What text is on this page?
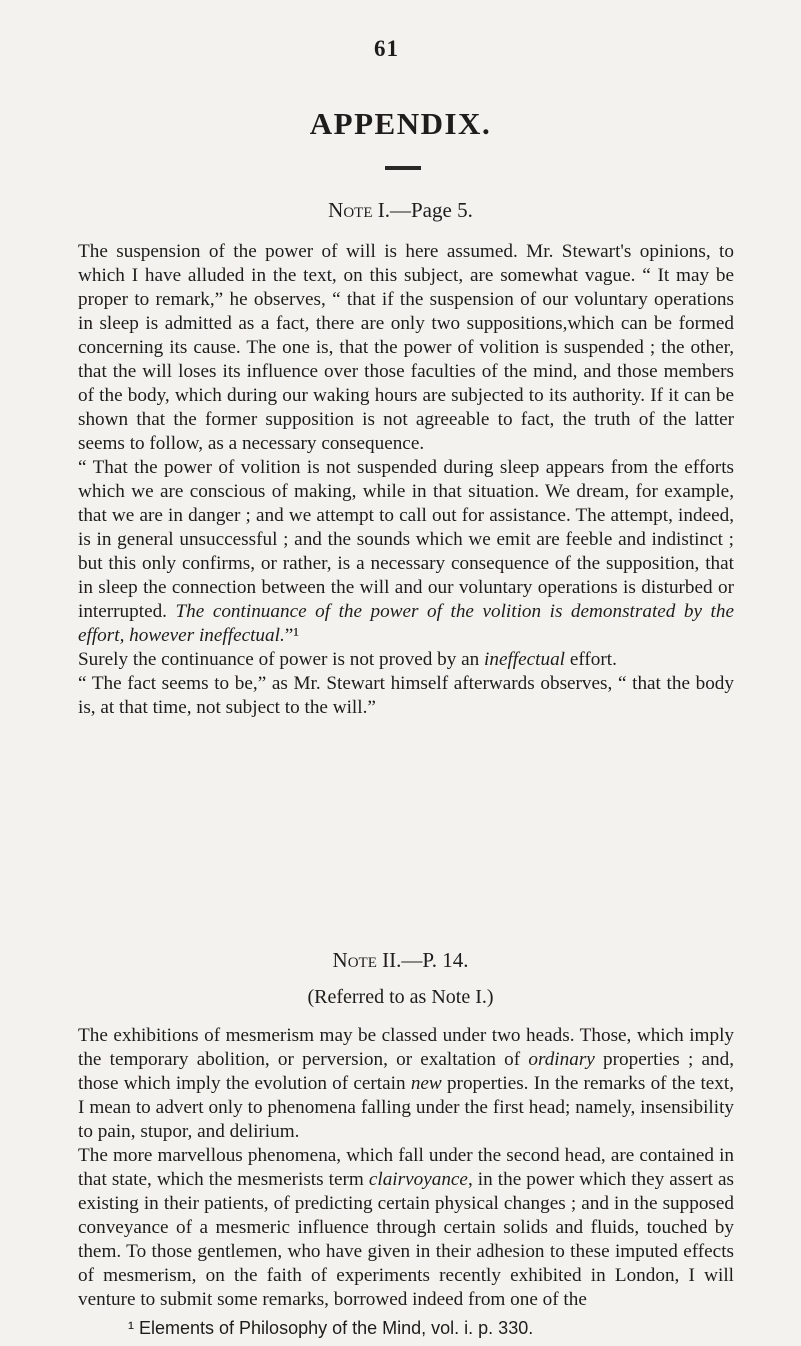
61
APPENDIX.
Note I.—Page 5.

The suspension of the power of will is here assumed. Mr. Stewart's opinions, to which I have alluded in the text, on this subject, are somewhat vague. “ It may be proper to remark,” he observes, “ that if the suspension of our voluntary operations in sleep is admitted as a fact, there are only two suppositions,which can be formed concerning its cause. The one is, that the power of volition is suspended ; the other, that the will loses its influence over those faculties of the mind, and those members of the body, which during our waking hours are subjected to its authority. If it can be shown that the former supposition is not agreeable to fact, the truth of the latter seems to follow, as a necessary consequence.

“ That the power of volition is not suspended during sleep appears from the efforts which we are conscious of making, while in that situation. We dream, for example, that we are in danger ; and we attempt to call out for assistance. The attempt, indeed, is in general unsuccessful ; and the sounds which we emit are feeble and indistinct ; but this only confirms, or rather, is a necessary consequence of the supposition, that in sleep the connection between the will and our voluntary operations is disturbed or interrupted. The continuance of the power of the volition is demonstrated by the effort, however ineffectual.”¹

Surely the continuance of power is not proved by an ineffectual effort.

“ The fact seems to be,” as Mr. Stewart himself afterwards observes, “ that the body is, at that time, not subject to the will.”

Note II.—P. 14.
(Referred to as Note I.)

The exhibitions of mesmerism may be classed under two heads. Those, which imply the temporary abolition, or perversion, or exaltation of ordinary properties ; and, those which imply the evolution of certain new properties. In the remarks of the text, I mean to advert only to phenomena falling under the first head; namely, insensibility to pain, stupor, and delirium.

The more marvellous phenomena, which fall under the second head, are contained in that state, which the mesmerists term clairvoyance, in the power which they assert as existing in their patients, of predicting certain physical changes ; and in the supposed conveyance of a mesmeric influence through certain solids and fluids, touched by them. To those gentlemen, who have given in their adhesion to these imputed effects of mesmerism, on the faith of experiments recently exhibited in London, I will venture to submit some remarks, borrowed indeed from one of the

¹ Elements of Philosophy of the Mind, vol. i. p. 330.
